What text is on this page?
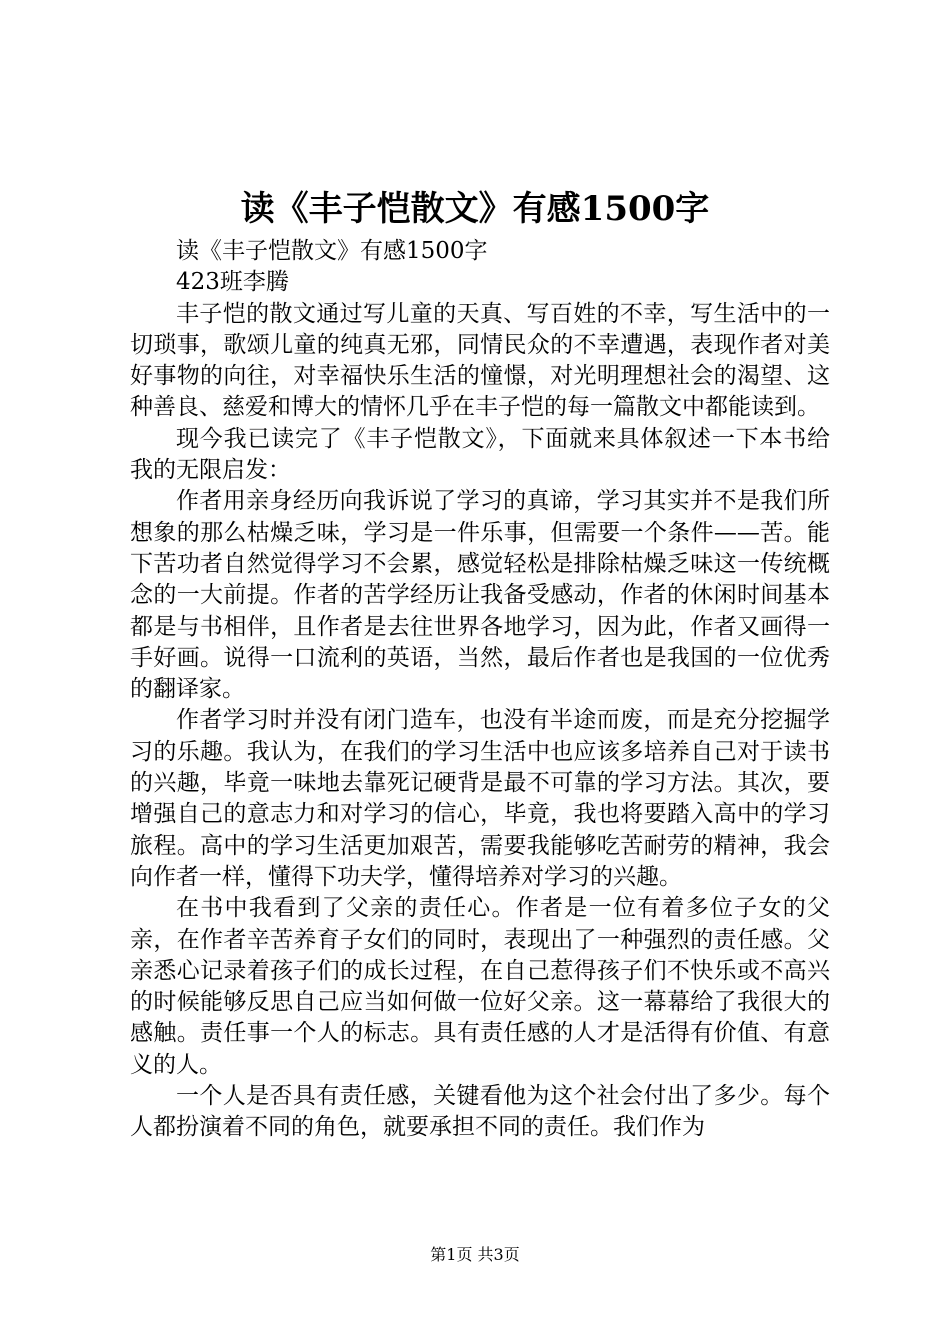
读《丰子恺散文》有感1500字

读《丰子恺散文》有感1500字

423班李腾

丰子恺的散文通过写儿童的天真、写百姓的不幸，写生活中的一切琐事，歌颂儿童的纯真无邪，同情民众的不幸遭遇，表现作者对美好事物的向往，对幸福快乐生活的憧憬，对光明理想社会的渴望、这种善良、慈爱和博大的情怀几乎在丰子恺的每一篇散文中都能读到。

现今我已读完了《丰子恺散文》，下面就来具体叙述一下本书给我的无限启发：

作者用亲身经历向我诉说了学习的真谛，学习其实并不是我们所想象的那么枯燥乏味，学习是一件乐事，但需要一个条件——苦。能下苦功者自然觉得学习不会累，感觉轻松是排除枯燥乏味这一传统概念的一大前提。作者的苦学经历让我备受感动，作者的休闲时间基本都是与书相伴，且作者是去往世界各地学习，因为此，作者又画得一手好画。说得一口流利的英语，当然，最后作者也是我国的一位优秀的翻译家。

作者学习时并没有闭门造车，也没有半途而废，而是充分挖掘学习的乐趣。我认为，在我们的学习生活中也应该多培养自己对于读书的兴趣，毕竟一味地去靠死记硬背是最不可靠的学习方法。其次，要增强自己的意志力和对学习的信心，毕竟，我也将要踏入高中的学习旅程。高中的学习生活更加艰苦，需要我能够吃苦耐劳的精神，我会向作者一样，懂得下功夫学，懂得培养对学习的兴趣。

在书中我看到了父亲的责任心。作者是一位有着多位子女的父亲，在作者辛苦养育子女们的同时，表现出了一种强烈的责任感。父亲悉心记录着孩子们的成长过程，在自己惹得孩子们不快乐或不高兴的时候能够反思自己应当如何做一位好父亲。这一幕幕给了我很大的感触。责任事一个人的标志。具有责任感的人才是活得有价值、有意义的人。

一个人是否具有责任感，关键看他为这个社会付出了多少。每个人都扮演着不同的角色，就要承担不同的责任。我们作为

第1页 共3页
